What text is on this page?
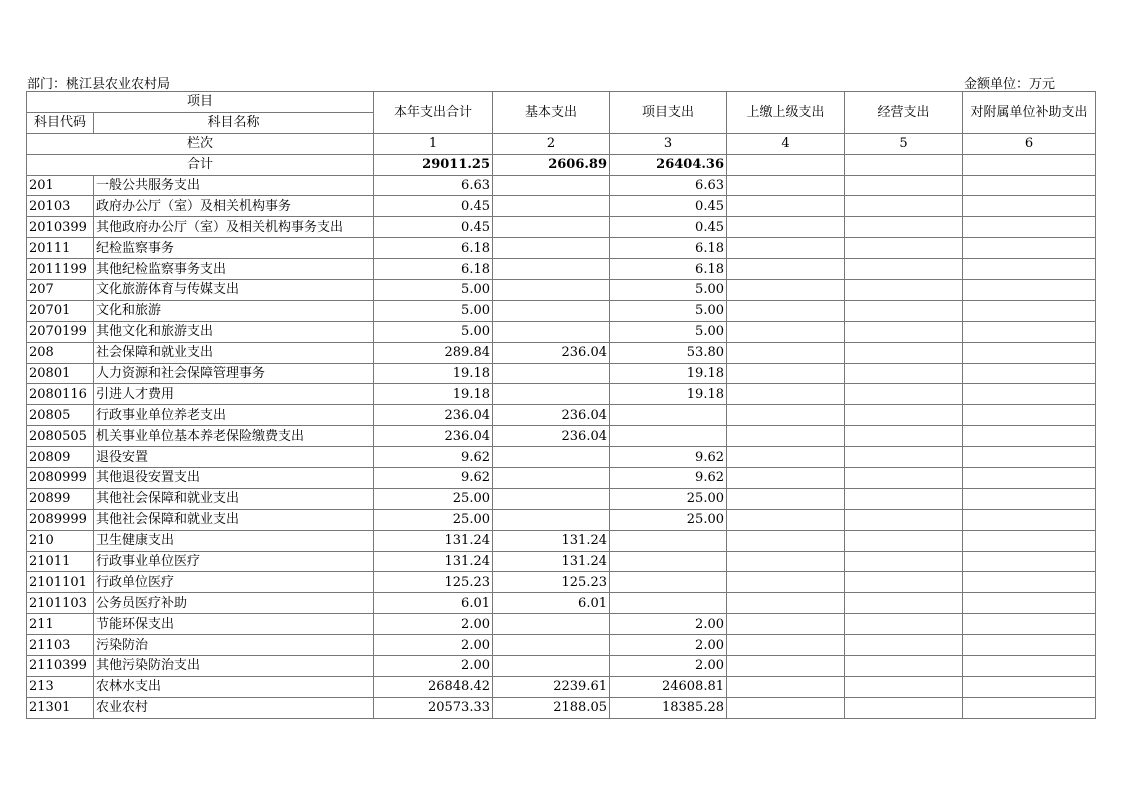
部门：桃江县农业农村局	金额单位：万元
项目		本年支出合计	基本支出	项目支出	上缴上级支出	经营支出	对附属单位补助支出
科目代码	科目名称						
栏次		1	2	3	4	5	6
合计		29011.25	2606.89	26404.36			
201	一般公共服务支出	6.63		6.63			
20103	政府办公厅（室）及相关机构事务	0.45		0.45			
2010399	其他政府办公厅（室）及相关机构事务支出	0.45		0.45			
20111	纪检监察事务	6.18		6.18			
2011199	其他纪检监察事务支出	6.18		6.18			
207	文化旅游体育与传媒支出	5.00		5.00			
20701	文化和旅游	5.00		5.00			
2070199	其他文化和旅游支出	5.00		5.00			
208	社会保障和就业支出	289.84	236.04	53.80			
20801	人力资源和社会保障管理事务	19.18		19.18			
2080116	引进人才费用	19.18		19.18			
20805	行政事业单位养老支出	236.04	236.04				
2080505	机关事业单位基本养老保险缴费支出	236.04	236.04				
20809	退役安置	9.62		9.62			
2080999	其他退役安置支出	9.62		9.62			
20899	其他社会保障和就业支出	25.00		25.00			
2089999	其他社会保障和就业支出	25.00		25.00			
210	卫生健康支出	131.24	131.24				
21011	行政事业单位医疗	131.24	131.24				
2101101	行政单位医疗	125.23	125.23				
2101103	公务员医疗补助	6.01	6.01				
211	节能环保支出	2.00		2.00			
21103	污染防治	2.00		2.00			
2110399	其他污染防治支出	2.00		2.00			
213	农林水支出	26848.42	2239.61	24608.81			
21301	农业农村	20573.33	2188.05	18385.28			
